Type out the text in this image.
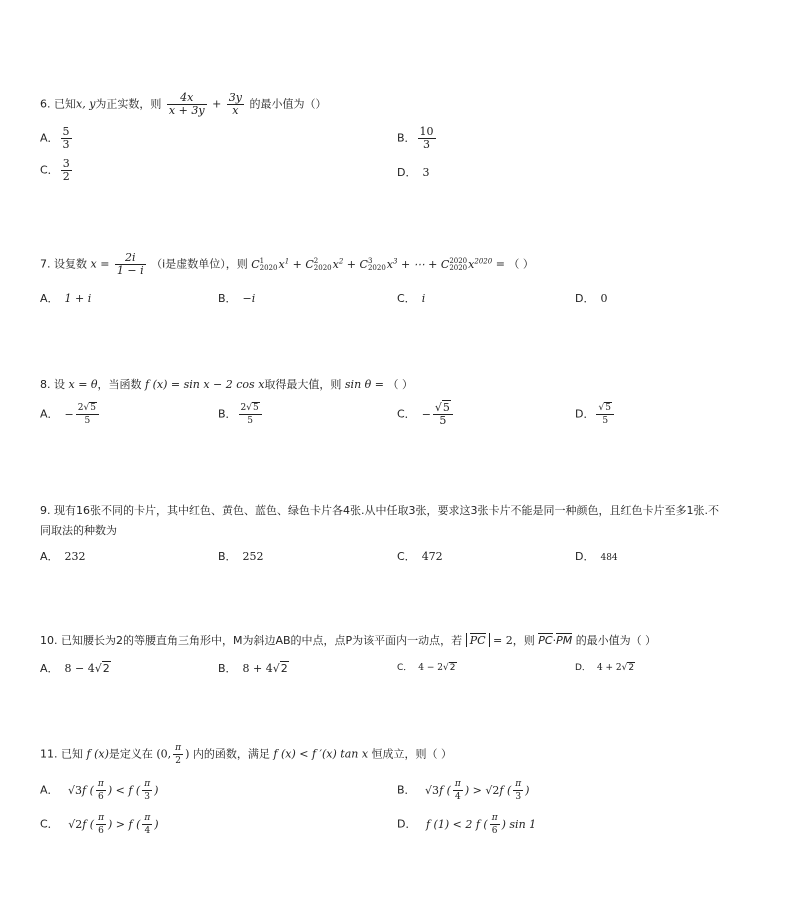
6. 已知x, y为正实数，则 $\frac{4x}{x + 3y} + \frac{3y}{x}$ 的最小值为（）
A． $\frac{5}{3}$	B． $\frac{10}{3}$
C． $\frac{3}{2}$	D． 3
7. 设复数 $x = \frac{2i}{1 - i} (i$是虚数单位），则 C 1
2020 $x^1 + C$ 2
2020 $x^2 + C$ 3
2020 $x^3$ + ⋯ + C 2020
2020 $x^{2020}$ = （ ）
A． 1 + i	B． −i	C． i	D． 0
8. 设 x = θ，当函数 f (x) = sin x − 2 cos x取得最大值，则 sin θ = （ ）
A． − $\frac{2√5}{5}$	B． $\frac{2√5}{5}$	C． − $\frac{√5}{5}$	D． $\frac{√5}{5}$
9. 现有16张不同的卡片，其中红色、黄色、蓝色、绿色卡片各4张.从中任取3张，要求这3张卡片不能是同一种颜色，且红色卡片至多1张.不
同取法的种数为
A． 232	B． 252	C． 472	D． 484
10. 已知腰长为2的等腰直角三角形中，M为斜边AB的中点，点P为该平面内一动点，若 PC = 2，则 PC·PM 的最小值为（ ）
A． 8 − 4√2	B． 8 + 4√2	C． 4 − 2√2	D． 4 + 2√2
11. 已知 f (x)是定义在 (0, $\frac{\pi}{2}$ ) 内的函数，满足 f (x) < f ′(x) tan x 恒成立，则（ ）
A． √3f ( $\frac{\pi}{6}$ ) < f ( $\frac{\pi}{3}$ )	B． √3f ( $\frac{\pi}{4}$ ) > √2f ( $\frac{\pi}{3}$ )
C． √2f ( $\frac{\pi}{6}$ ) > f ( $\frac{\pi}{4}$ )	D． f (1) < 2 f ( $\frac{\pi}{6}$ ) sin 1
